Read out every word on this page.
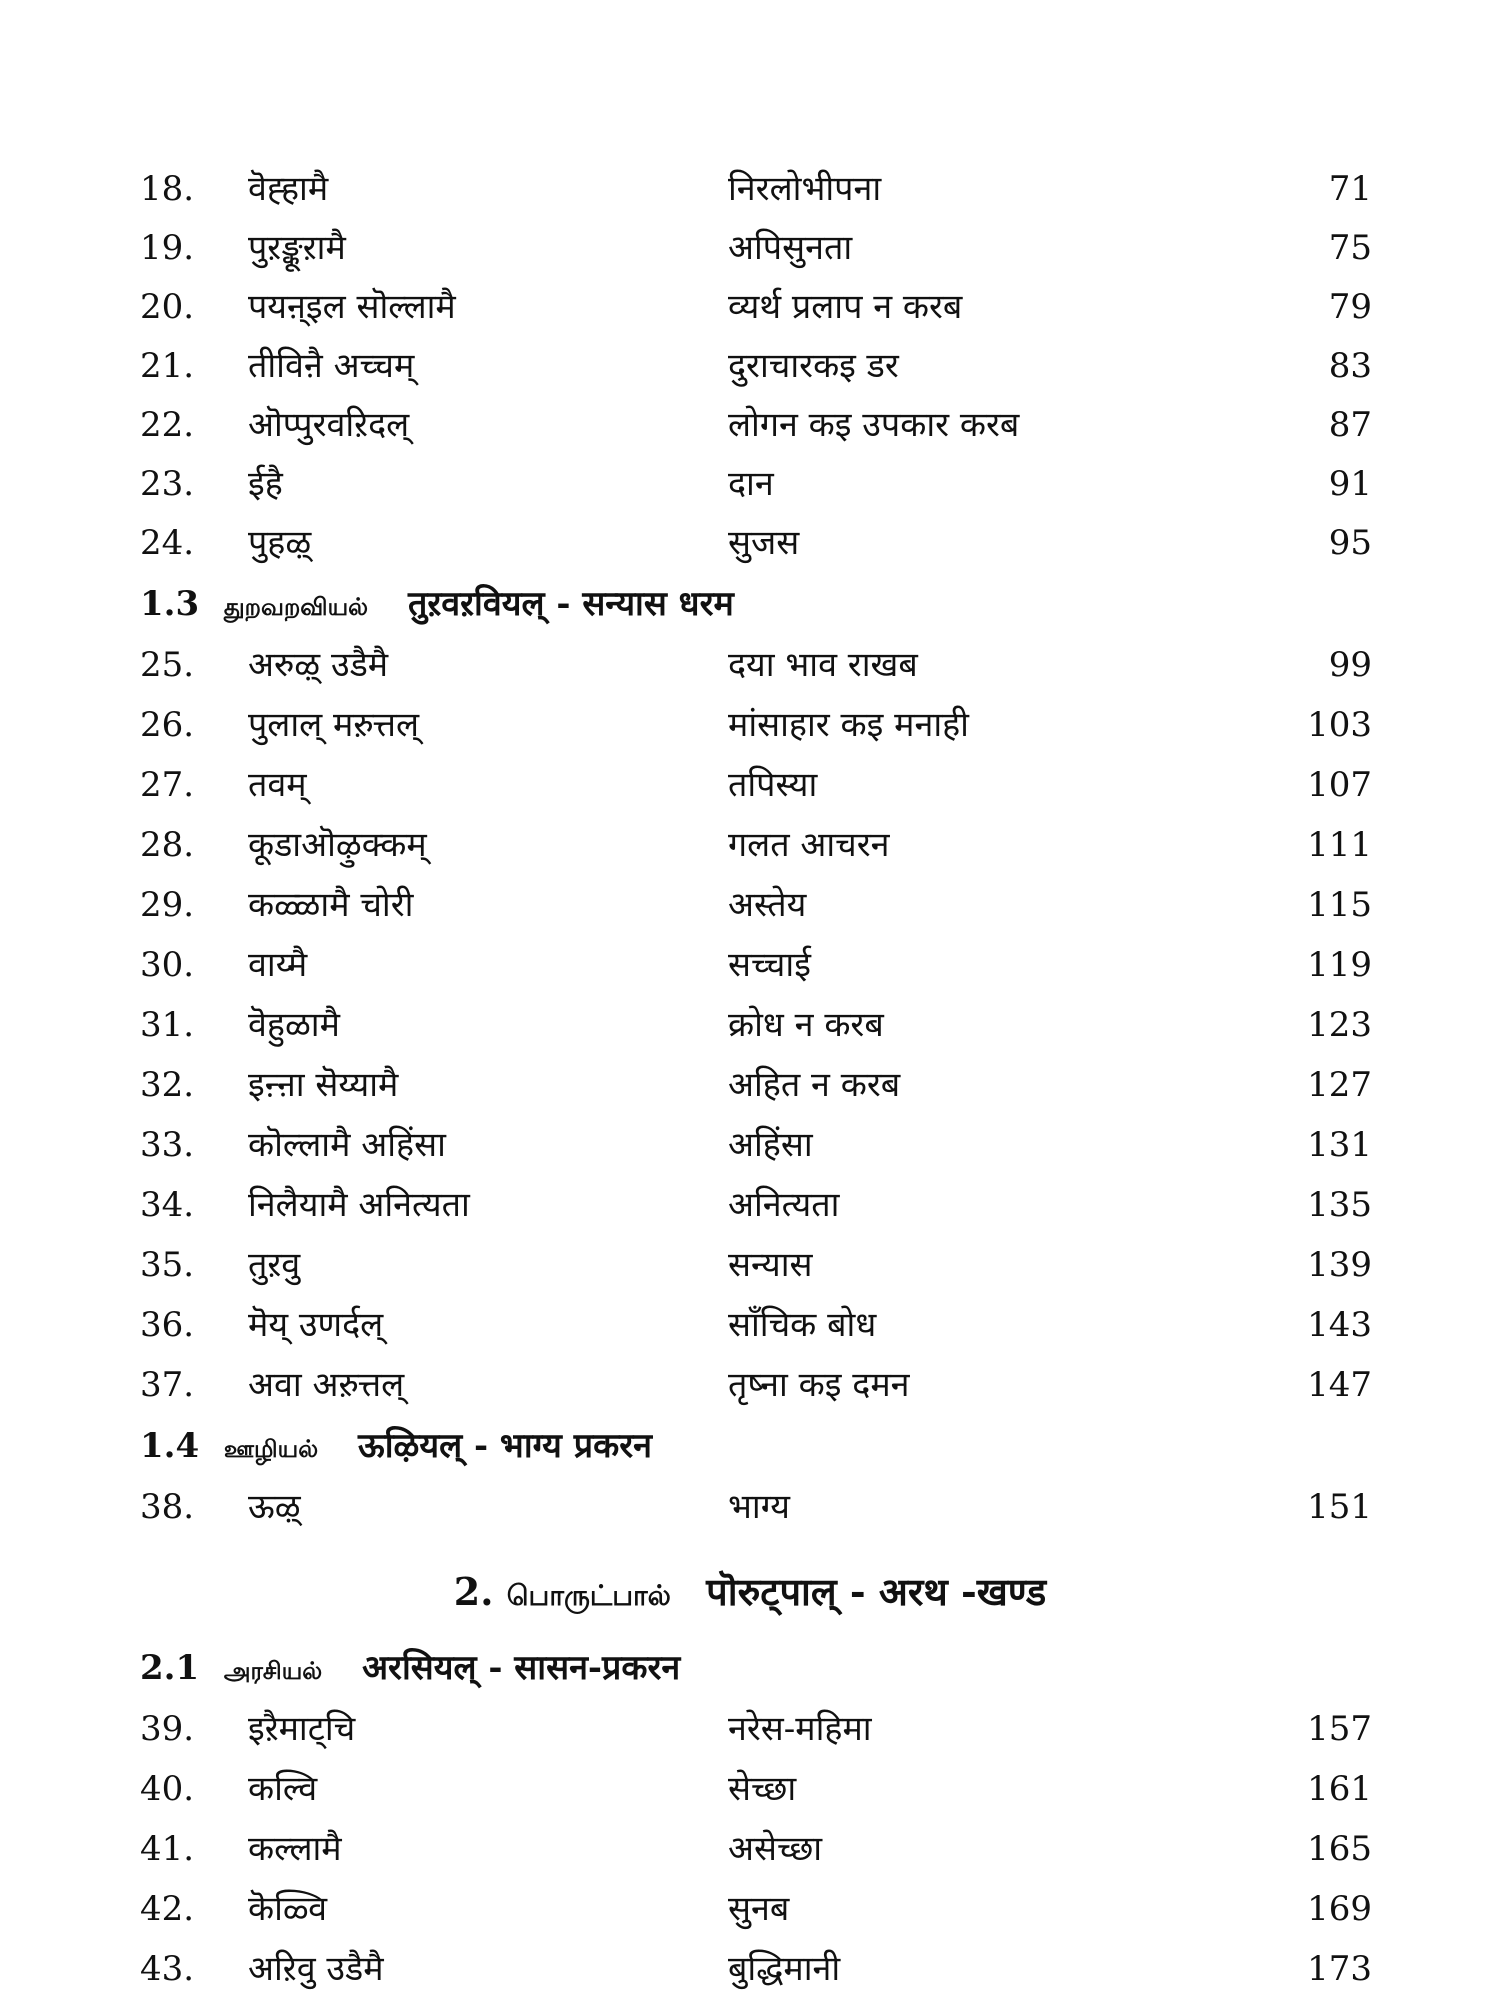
18.	वॆह्हामै	निरलोभीपना	71
19.	पुऱङ्कूऱामै	अपिसुनता	75
20.	पयऩ्इल सॊल्लामै	व्यर्थ प्रलाप न करब	79
21.	तीविऩै अच्चम्	दुराचारकइ डर	83
22.	ऒप्पुरवऱिदल्	लोगन कइ उपकार करब	87
23.	ईहै	दान	91
24.	पुहऴ्	सुजस	95
1.3 துறவறவியல் तुऱवऱवियल् - सन्यास धरम
25.	अरुऴ् उडैमै	दया भाव राखब	99
26.	पुलाल् मऱुत्तल्	मांसाहार कइ मनाही	103
27.	तवम्	तपिस्या	107
28.	कूडाऒऴुक्कम्	गलत आचरन	111
29.	कळ्ळामै चोरी	अस्तेय	115
30.	वाय्मै	सच्चाई	119
31.	वॆहुळामै	क्रोध न करब	123
32.	इऩ्ऩा सॆय्यामै	अहित न करब	127
33.	कॊल्लामै अहिंसा	अहिंसा	131
34.	निलैयामै अनित्यता	अनित्यता	135
35.	तुऱवु	सन्यास	139
36.	मॆय् उणर्दल्	साँचिक बोध	143
37.	अवा अऱुत्तल्	तृष्ना कइ दमन	147
1.4 ஊழியல் ऊऴियल् - भाग्य प्रकरन
38.	ऊऴ्	भाग्य	151
2. பொருட்பால் पॊरुट्पाल् - अरथ -खण्ड
2.1 அரசியல் अरसियल् - सासन-प्रकरन
39.	इऱैमाट्चि	नरेस-महिमा	157
40.	कल्वि	सेच्छा	161
41.	कल्लामै	असेच्छा	165
42.	कॆळ्वि	सुनब	169
43.	अऱिवु उडैमै	बुद्धिमानी	173
